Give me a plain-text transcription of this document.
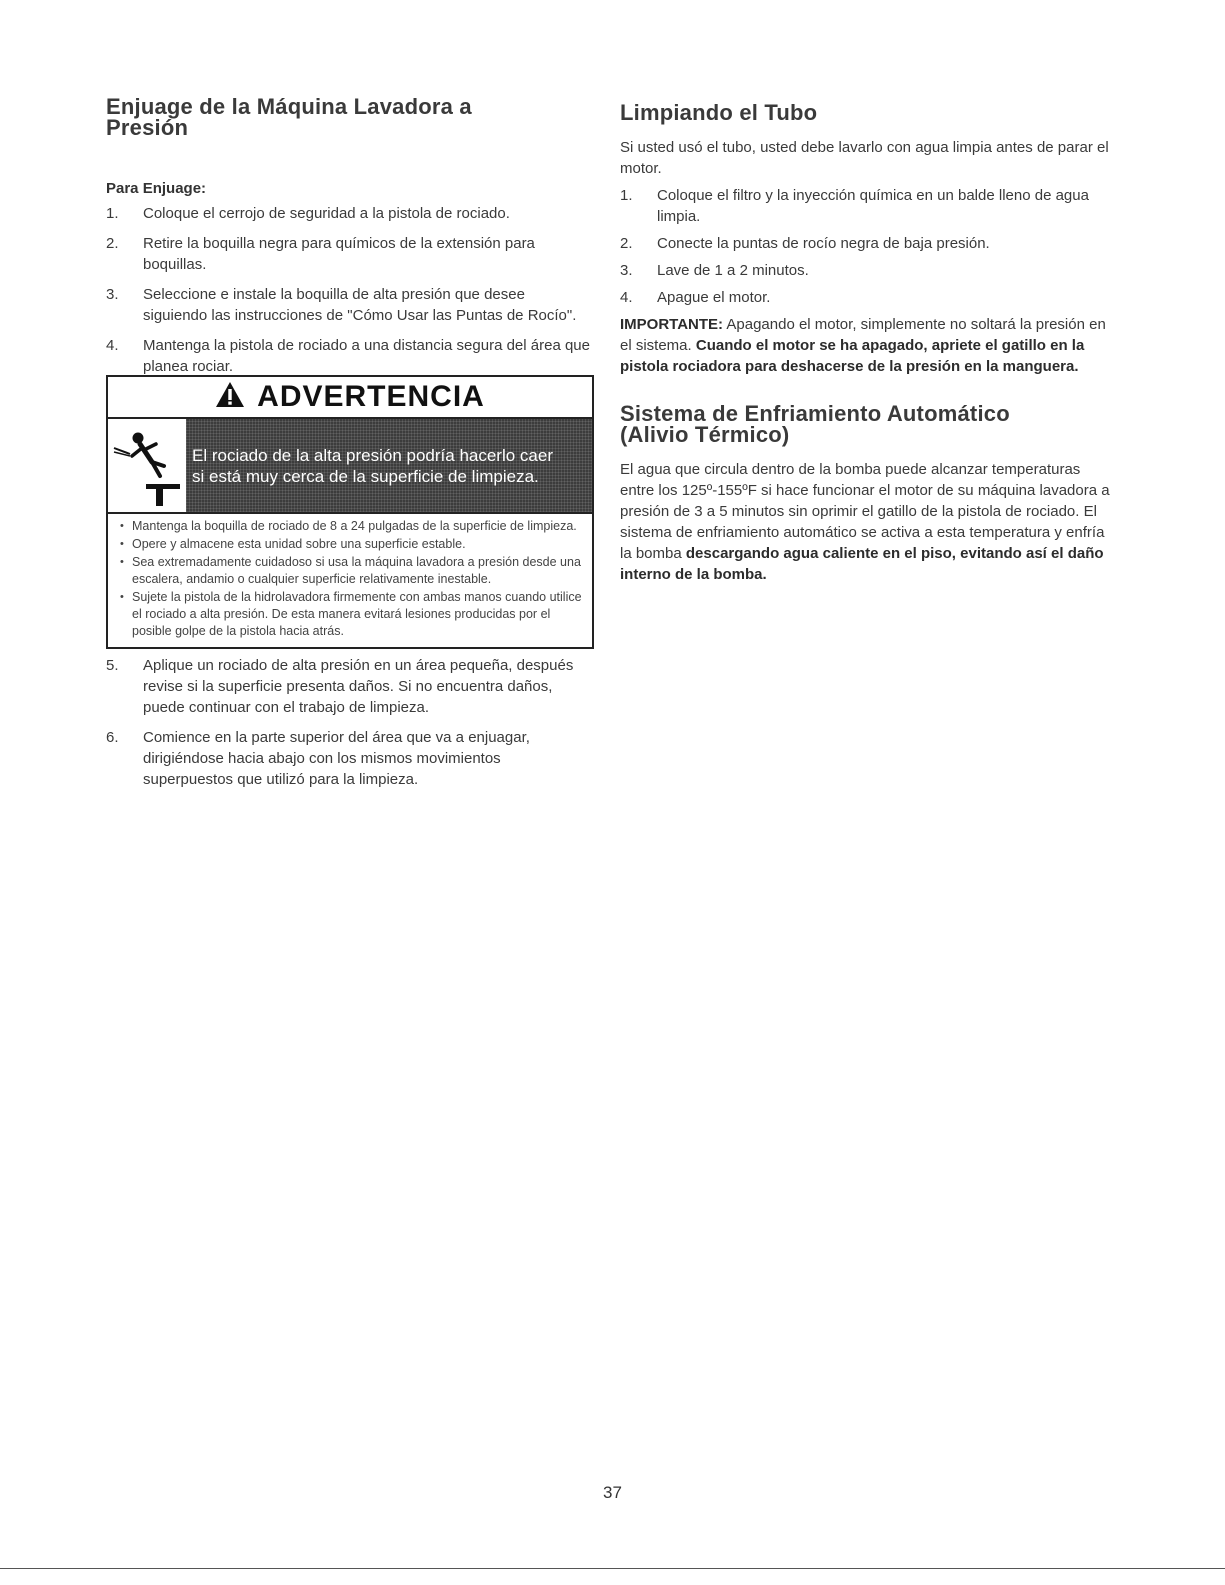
Enjuage de la Máquina Lavadora a Presión
Para Enjuage:
1. Coloque el cerrojo de seguridad a la pistola de rociado.
2. Retire la boquilla negra para químicos de la extensión para boquillas.
3. Seleccione e instale la boquilla de alta presión que desee siguiendo las instrucciones de "Cómo Usar las Puntas de Rocío".
4. Mantenga la pistola de rociado a una distancia segura del área que planea rociar.
ADVERTENCIA
El rociado de la alta presión podría hacerlo caer
si está muy cerca de la superficie de limpieza.
• Mantenga la boquilla de rociado de 8 a 24 pulgadas de la superficie de limpieza.
• Opere y almacene esta unidad sobre una superficie estable.
• Sea extremadamente cuidadoso si usa la máquina lavadora a presión desde una escalera, andamio o cualquier superficie relativamente inestable.
• Sujete la pistola de la hidrolavadora firmemente con ambas manos cuando utilice el rociado a alta presión. De esta manera evitará lesiones producidas por el posible golpe de la pistola hacia atrás.
5. Aplique un rociado de alta presión en un área pequeña, después revise si la superficie presenta daños. Si no encuentra daños, puede continuar con el trabajo de limpieza.
6. Comience en la parte superior del área que va a enjuagar, dirigiéndose hacia abajo con los mismos movimientos superpuestos que utilizó para la limpieza.
Limpiando el Tubo

Si usted usó el tubo, usted debe lavarlo con agua limpia antes de parar el motor.

1. Coloque el filtro y la inyección química en un balde lleno de agua limpia.
2. Conecte la puntas de rocío negra de baja presión.
3. Lave de 1 a 2 minutos.
4. Apague el motor.

IMPORTANTE: Apagando el motor, simplemente no soltará la presión en el sistema. Cuando el motor se ha apagado, apriete el gatillo en la pistola rociadora para deshacerse de la presión en la manguera.

Sistema de Enfriamiento Automático (Alivio Térmico)

El agua que circula dentro de la bomba puede alcanzar temperaturas entre los 125º-155ºF si hace funcionar el motor de su máquina lavadora a presión de 3 a 5 minutos sin oprimir el gatillo de la pistola de rociado. El sistema de enfriamiento automático se activa a esta temperatura y enfría la bomba descargando agua caliente en el piso, evitando así el daño interno de la bomba.

37
